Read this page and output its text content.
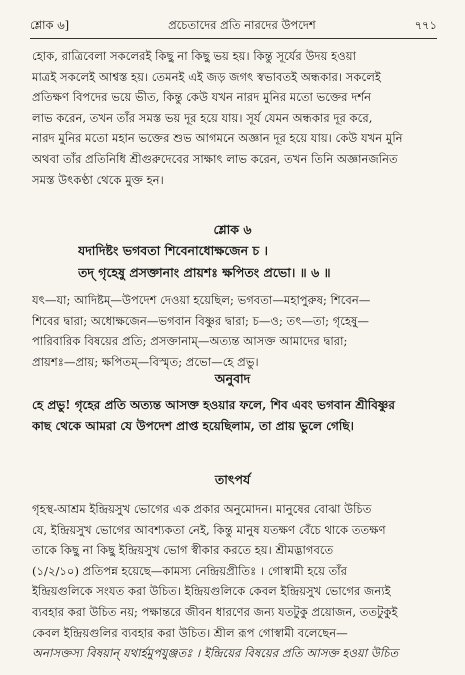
শ্লোক ৬]	প্রচেতাদের প্রতি নারদের উপদেশ	৭৭১
হোক, রাত্রিবেলা সকলেরই কিছু না কিছু ভয় হয়। কিন্তু সূর্যের উদয় হওয়া
মাত্রই সকলেই আশ্বস্ত হয়। তেমনই এই জড় জগৎ স্বভাবতই অন্ধকার। সকলেই
প্রতিক্ষণ বিপদের ভয়ে ভীত, কিন্তু কেউ যখন নারদ মুনির মতো ভক্তের দর্শন
লাভ করেন, তখন তাঁর সমস্ত ভয় দূর হয়ে যায়। সূর্য যেমন অন্ধকার দূর করে,
নারদ মুনির মতো মহান ভক্তের শুভ আগমনে অজ্ঞান দূর হয়ে যায়। কেউ যখন মুনি
অথবা তাঁর প্রতিনিধি শ্রীগুরুদেবের সাক্ষাৎ লাভ করেন, তখন তিনি অজ্ঞানজনিত
সমস্ত উৎকণ্ঠা থেকে মুক্ত হন।
শ্লোক ৬
যদাদিষ্টং ভগবতা শিবেনাধোক্ষজেন চ ।
তদ্ গৃহেষু প্রসক্তানাং প্রায়শঃ ক্ষপিতং প্রভো। ॥ ৬ ॥
যৎ—যা; আদিষ্টম্—উপদেশ দেওয়া হয়েছিল; ভগবতা—মহাপুরুষ; শিবেন—
শিবের দ্বারা; অধোক্ষজেন—ভগবান বিষ্ণুর দ্বারা; চ—ও; তৎ—তা; গৃহেষু—
পারিবারিক বিষয়ের প্রতি; প্রসক্তানাম্—অত্যন্ত আসক্ত আমাদের দ্বারা;
প্রায়শঃ—প্রায়; ক্ষপিতম্—বিস্মৃত; প্রভো—হে প্রভু।
অনুবাদ
হে প্রভু! গৃহের প্রতি অত্যন্ত আসক্ত হওয়ার ফলে, শিব এবং ভগবান শ্রীবিষ্ণুর
কাছ থেকে আমরা যে উপদেশ প্রাপ্ত হয়েছিলাম, তা প্রায় ভুলে গেছি।
তাৎপর্য
গৃহস্থ-আশ্রম ইন্দ্রিয়সুখ ভোগের এক প্রকার অনুমোদন। মানুষের বোঝা উচিত
যে, ইন্দ্রিয়সুখ ভোগের আবশ্যকতা নেই, কিন্তু মানুষ যতক্ষণ বেঁচে থাকে ততক্ষণ
তাকে কিছু না কিছু ইন্দ্রিয়সুখ ভোগ স্বীকার করতে হয়। শ্রীমদ্ভাগবতে
(১/২/১০) প্রতিপন্ন হয়েছে—কামস্য নেন্দ্রিয়প্রীতিঃ । গোস্বামী হয়ে তাঁর
ইন্দ্রিয়গুলিকে সংযত করা উচিত। ইন্দ্রিয়গুলিকে কেবল ইন্দ্রিয়সুখ ভোগের জন্যই
ব্যবহার করা উচিত নয়; পক্ষান্তরে জীবন ধারণের জন্য যতটুকু প্রয়োজন, ততটুকুই
কেবল ইন্দ্রিয়গুলির ব্যবহার করা উচিত। শ্রীল রূপ গোস্বামী বলেছেন—
অনাসক্তস্য বিষয়ান্ যথার্হমুপযুঞ্জতঃ । ইন্দ্রিয়ের বিষয়ের প্রতি আসক্ত হওয়া উচিত
